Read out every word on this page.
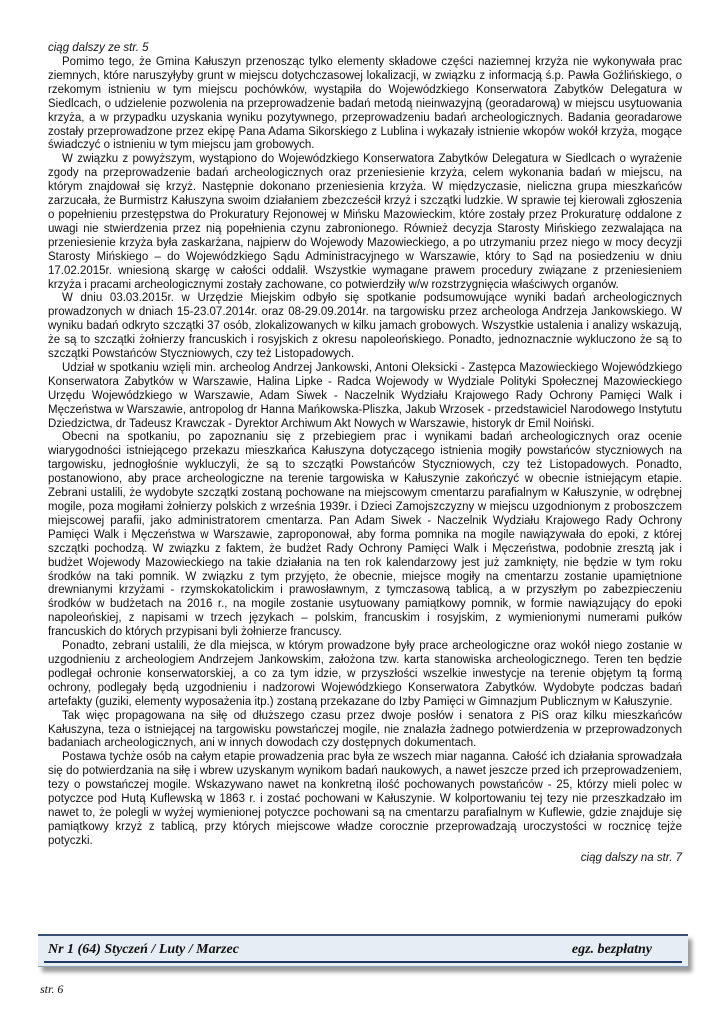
ciąg dalszy ze str. 5

Pomimo tego, że Gmina Kałuszyn przenosząc tylko elementy składowe części naziemnej krzyża nie wykonywała prac ziemnych, które naruszyłyby grunt w miejscu dotychczasowej lokalizacji, w związku z informacją ś.p. Pawła Goźlińskiego, o rzekomym istnieniu w tym miejscu pochówków, wystąpiła do Wojewódzkiego Konserwatora Zabytków Delegatura w Siedlcach, o udzielenie pozwolenia na przeprowadzenie badań metodą nieinwazyjną (georadarową) w miejscu usytuowania krzyża, a w przypadku uzyskania wyniku pozytywnego, przeprowadzeniu badań archeologicznych. Badania georadarowe zostały przeprowadzone przez ekipę Pana Adama Sikorskiego z Lublina i wykazały istnienie wkopów wokół krzyża, mogące świadczyć o istnieniu w tym miejscu jam grobowych.

W związku z powyższym, wystąpiono do Wojewódzkiego Konserwatora Zabytków Delegatura w Siedlcach o wyrażenie zgody na przeprowadzenie badań archeologicznych oraz przeniesienie krzyża, celem wykonania badań w miejscu, na którym znajdował się krzyż. Następnie dokonano przeniesienia krzyża. W międzyczasie, nieliczna grupa mieszkańców zarzucała, że Burmistrz Kałuszyna swoim działaniem zbezcześcił krzyż i szczątki ludzkie. W sprawie tej kierowali zgłoszenia o popełnieniu przestępstwa do Prokuratury Rejonowej w Mińsku Mazowieckim, które zostały przez Prokuraturę oddalone z uwagi nie stwierdzenia przez nią popełnienia czynu zabronionego. Również decyzja Starosty Mińskiego zezwalająca na przeniesienie krzyża była zaskarżana, najpierw do Wojewody Mazowieckiego, a po utrzymaniu przez niego w mocy decyzji Starosty Mińskiego – do Wojewódzkiego Sądu Administracyjnego w Warszawie, który to Sąd na posiedzeniu w dniu 17.02.2015r. wniesioną skargę w całości oddalił. Wszystkie wymagane prawem procedury związane z przeniesieniem krzyża i pracami archeologicznymi zostały zachowane, co potwierdziły w/w rozstrzygnięcia właściwych organów.

W dniu 03.03.2015r. w Urzędzie Miejskim odbyło się spotkanie podsumowujące wyniki badań archeologicznych prowadzonych w dniach 15-23.07.2014r. oraz 08-29.09.2014r. na targowisku przez archeologa Andrzeja Jankowskiego. W wyniku badań odkryto szczątki 37 osób, zlokalizowanych w kilku jamach grobowych. Wszystkie ustalenia i analizy wskazują, że są to szczątki żołnierzy francuskich i rosyjskich z okresu napoleońskiego. Ponadto, jednoznacznie wykluczono że są to szczątki Powstańców Styczniowych, czy też Listopadowych.

Udział w spotkaniu wzięli min. archeolog Andrzej Jankowski, Antoni Oleksicki - Zastępca Mazowieckiego Wojewódzkiego Konserwatora Zabytków w Warszawie, Halina Lipke - Radca Wojewody w Wydziale Polityki Społecznej Mazowieckiego Urzędu Wojewódzkiego w Warszawie, Adam Siwek - Naczelnik Wydziału Krajowego Rady Ochrony Pamięci Walk i Męczeństwa w Warszawie, antropolog dr Hanna Mańkowska-Pliszka, Jakub Wrzosek - przedstawiciel Narodowego Instytutu Dziedzictwa, dr Tadeusz Krawczak - Dyrektor Archiwum Akt Nowych w Warszawie, historyk dr Emil Noiński.

Obecni na spotkaniu, po zapoznaniu się z przebiegiem prac i wynikami badań archeologicznych oraz ocenie wiarygodności istniejącego przekazu mieszkańca Kałuszyna dotyczącego istnienia mogiły powstańców styczniowych na targowisku, jednogłośnie wykluczyli, że są to szczątki Powstańców Styczniowych, czy też Listopadowych. Ponadto, postanowiono, aby prace archeologiczne na terenie targowiska w Kałuszynie zakończyć w obecnie istniejącym etapie. Zebrani ustalili, że wydobyte szczątki zostaną pochowane na miejscowym cmentarzu parafialnym w Kałuszynie, w odrębnej mogile, poza mogiłami żołnierzy polskich z września 1939r. i Dzieci Zamojszczyzny w miejscu uzgodnionym z proboszczem miejscowej parafii, jako administratorem cmentarza. Pan Adam Siwek - Naczelnik Wydziału Krajowego Rady Ochrony Pamięci Walk i Męczeństwa w Warszawie, zaproponował, aby forma pomnika na mogile nawiązywała do epoki, z której szczątki pochodzą. W związku z faktem, że budżet Rady Ochrony Pamięci Walk i Męczeństwa, podobnie zresztą jak i budżet Wojewody Mazowieckiego na takie działania na ten rok kalendarzowy jest już zamknięty, nie będzie w tym roku środków na taki pomnik. W związku z tym przyjęto, że obecnie, miejsce mogiły na cmentarzu zostanie upamiętnione drewnianymi krzyżami - rzymskokatolickim i prawosławnym, z tymczasową tablicą, a w przyszłym po zabezpieczeniu środków w budżetach na 2016 r., na mogile zostanie usytuowany pamiątkowy pomnik, w formie nawiązujący do epoki napoleońskiej, z napisami w trzech językach – polskim, francuskim i rosyjskim, z wymienionymi numerami pułków francuskich do których przypisani byli żołnierze francuscy.

Ponadto, zebrani ustalili, że dla miejsca, w którym prowadzone były prace archeologiczne oraz wokół niego zostanie w uzgodnieniu z archeologiem Andrzejem Jankowskim, założona tzw. karta stanowiska archeologicznego. Teren ten będzie podlegał ochronie konserwatorskiej, a co za tym idzie, w przyszłości wszelkie inwestycje na terenie objętym tą formą ochrony, podlegały będą uzgodnieniu i nadzorowi Wojewódzkiego Konserwatora Zabytków. Wydobyte podczas badań artefakty (guziki, elementy wyposażenia itp.) zostaną przekazane do Izby Pamięci w Gimnazjum Publicznym w Kałuszynie.

Tak więc propagowana na siłę od dłuższego czasu przez dwoje posłów i senatora z PiS oraz kilku mieszkańców Kałuszyna, teza o istniejącej na targowisku powstańczej mogile, nie znalazła żadnego potwierdzenia w przeprowadzonych badaniach archeologicznych, ani w innych dowodach czy dostępnych dokumentach.

Postawa tychże osób na całym etapie prowadzenia prac była ze wszech miar naganna. Całość ich działania sprowadzała się do potwierdzania na siłę i wbrew uzyskanym wynikom badań naukowych, a nawet jeszcze przed ich przeprowadzeniem, tezy o powstańczej mogile. Wskazywano nawet na konkretną ilość pochowanych powstańców - 25, którzy mieli polec w potyczce pod Hutą Kuflewską w 1863 r. i zostać pochowani w Kałuszynie. W kolportowaniu tej tezy nie przeszkadzało im nawet to, że polegli w wyżej wymienionej potyczce pochowani są na cmentarzu parafialnym w Kuflewie, gdzie znajduje się pamiątkowy krzyż z tablicą, przy których miejscowe władze corocznie przeprowadzają uroczystości w rocznicę tejże potyczki.

ciąg dalszy na str. 7

Nr 1 (64) Styczeń / Luty / Marzec	egz. bezpłatny
str. 6
